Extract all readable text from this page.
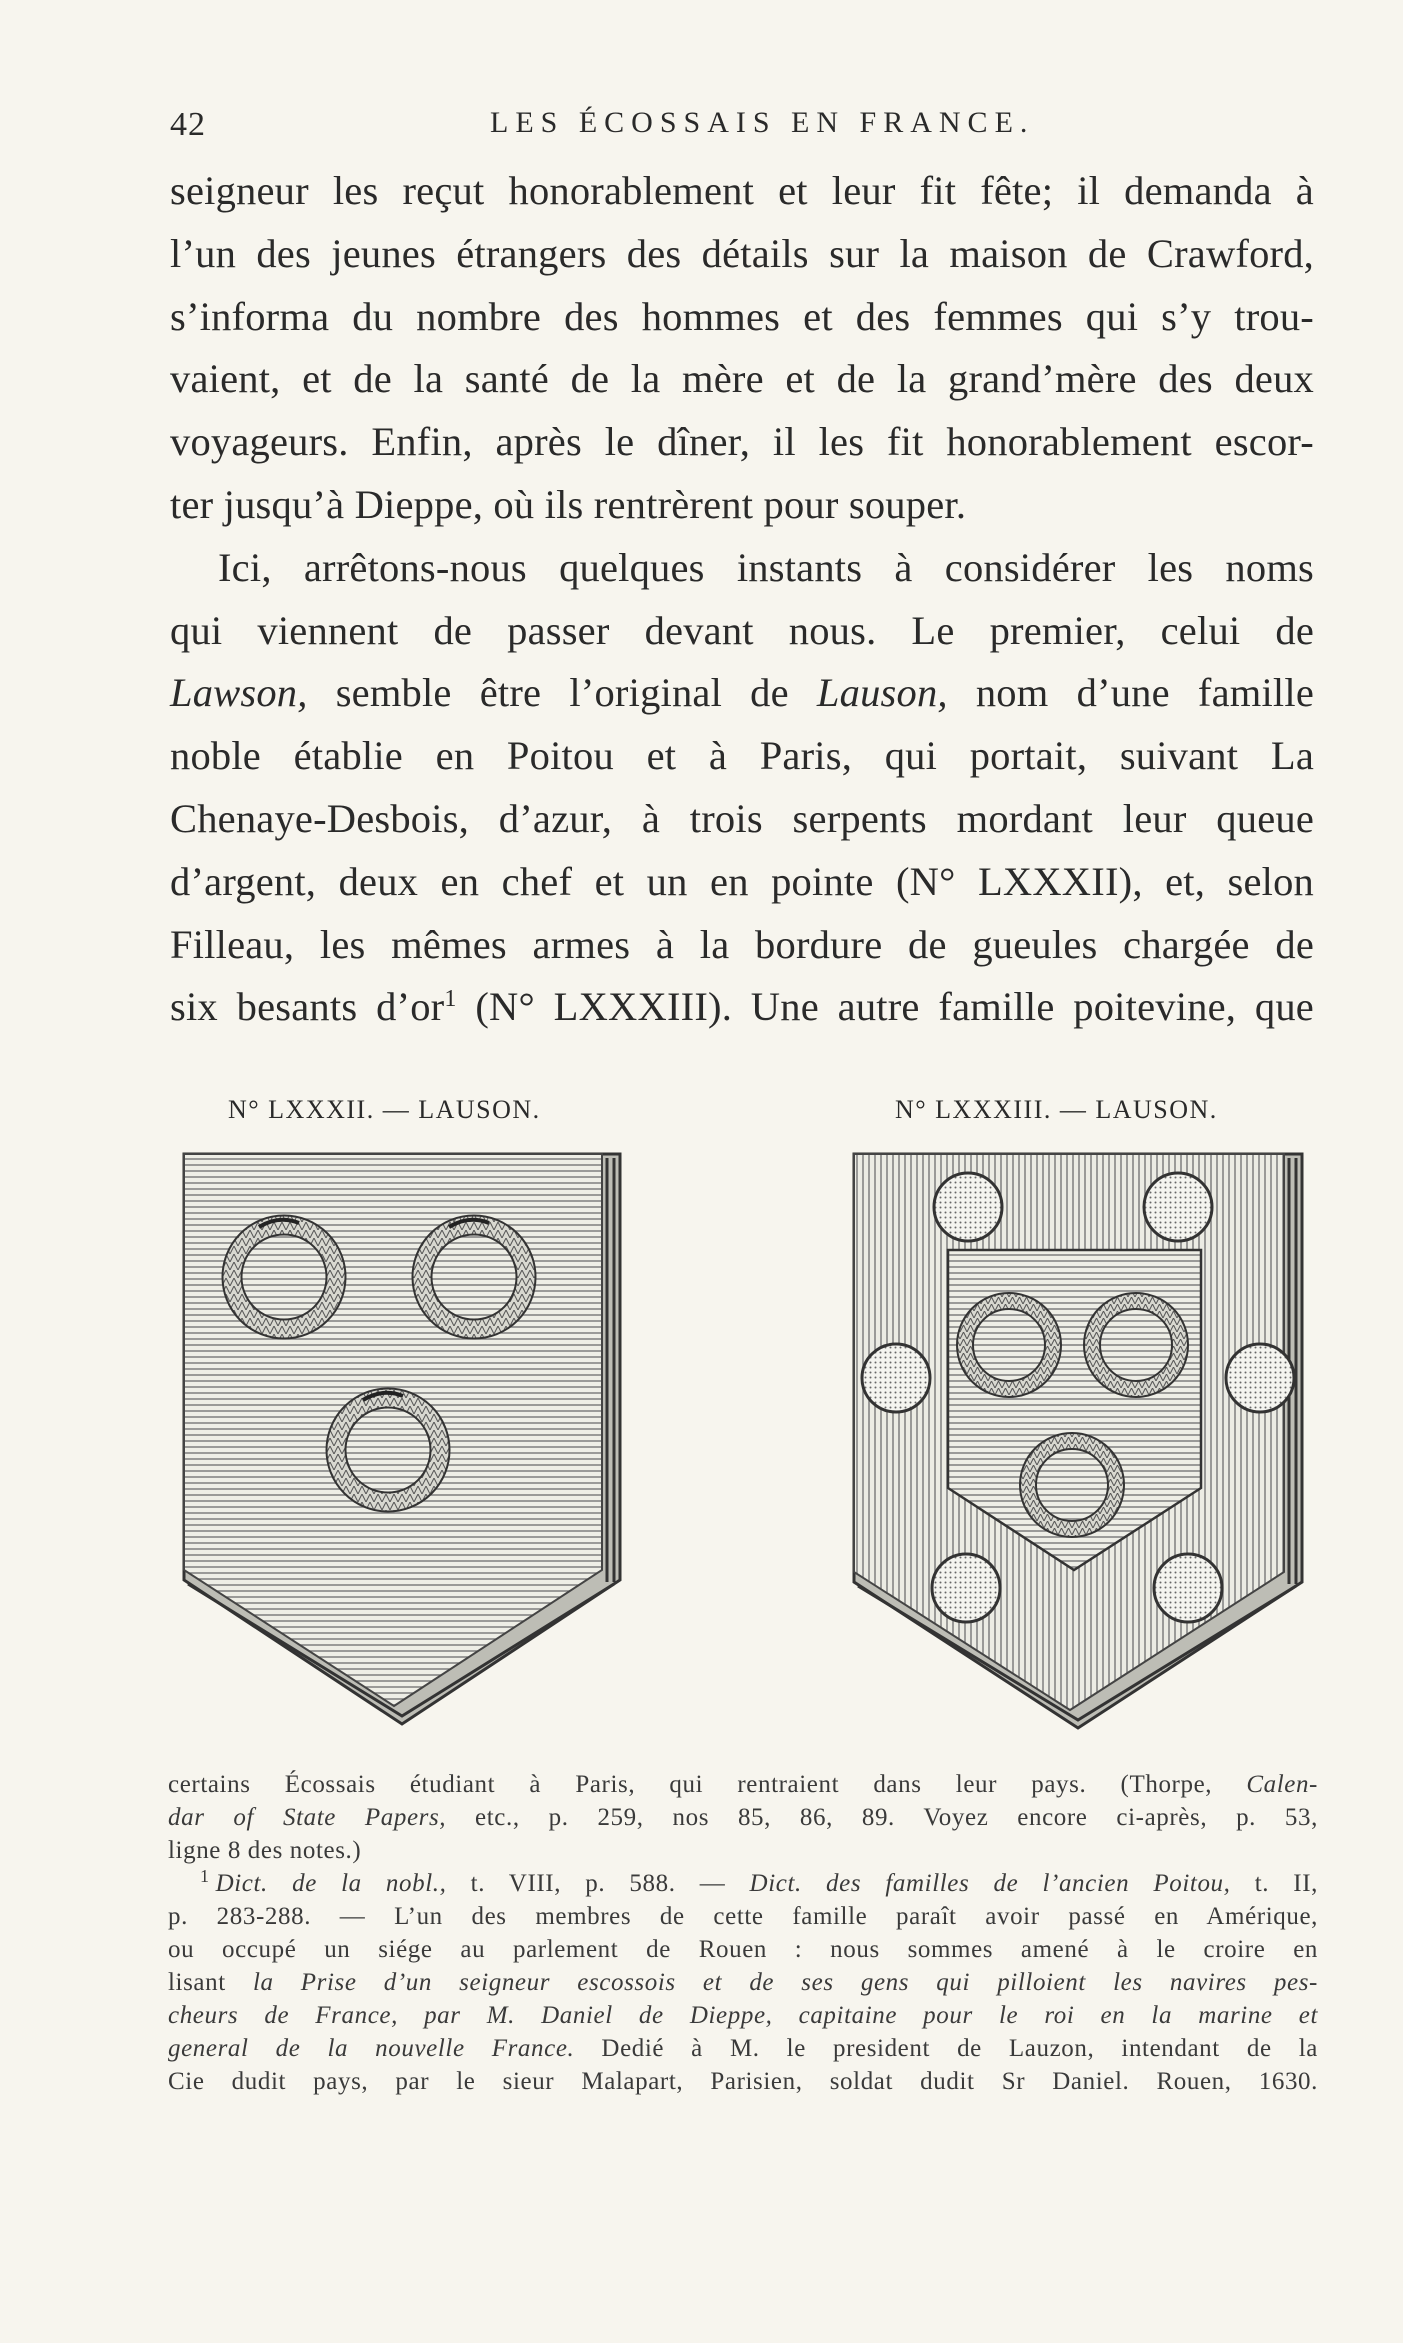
42	LES ÉCOSSAIS EN FRANCE.
seigneur les reçut honorablement et leur fit fête; il demanda à
l’un des jeunes étrangers des détails sur la maison de Crawford,
s’informa du nombre des hommes et des femmes qui s’y trou-
vaient, et de la santé de la mère et de la grand’mère des deux
voyageurs. Enfin, après le dîner, il les fit honorablement escor-
ter jusqu’à Dieppe, où ils rentrèrent pour souper.
Ici, arrêtons-nous quelques instants à considérer les noms
qui viennent de passer devant nous. Le premier, celui de
Lawson, semble être l’original de Lauson, nom d’une famille
noble établie en Poitou et à Paris, qui portait, suivant La
Chenaye-Desbois, d’azur, à trois serpents mordant leur queue
d’argent, deux en chef et un en pointe (N° LXXXII), et, selon
Filleau, les mêmes armes à la bordure de gueules chargée de
six besants $d’or^1$ (N° LXXXIII). Une autre famille poitevine, que
N° LXXXII. — LAUSON.	N° LXXXIII. — LAUSON.
certains Écossais étudiant à Paris, qui rentraient dans leur pays. (Thorpe, Calen-
dar of State Papers, etc., p. 259, nos 85, 86, 89. Voyez encore ci-après, p. 53,
ligne 8 des notes.)
$^1$ Dict. de la nobl., t. VIII, p. 588. — Dict. des familles de l’ancien Poitou, t. II,
p. 283-288. — L’un des membres de cette famille paraît avoir passé en Amérique,
ou occupé un siége au parlement de Rouen : nous sommes amené à le croire en
lisant la Prise d’un seigneur escossois et de ses gens qui pilloient les navires pes-
cheurs de France, par M. Daniel de Dieppe, capitaine pour le roi en la marine et
general de la nouvelle France. Dedié à M. le president de Lauzon, intendant de la
Cie dudit pays, par le sieur Malapart, Parisien, soldat dudit Sr Daniel. Rouen, 1630.
